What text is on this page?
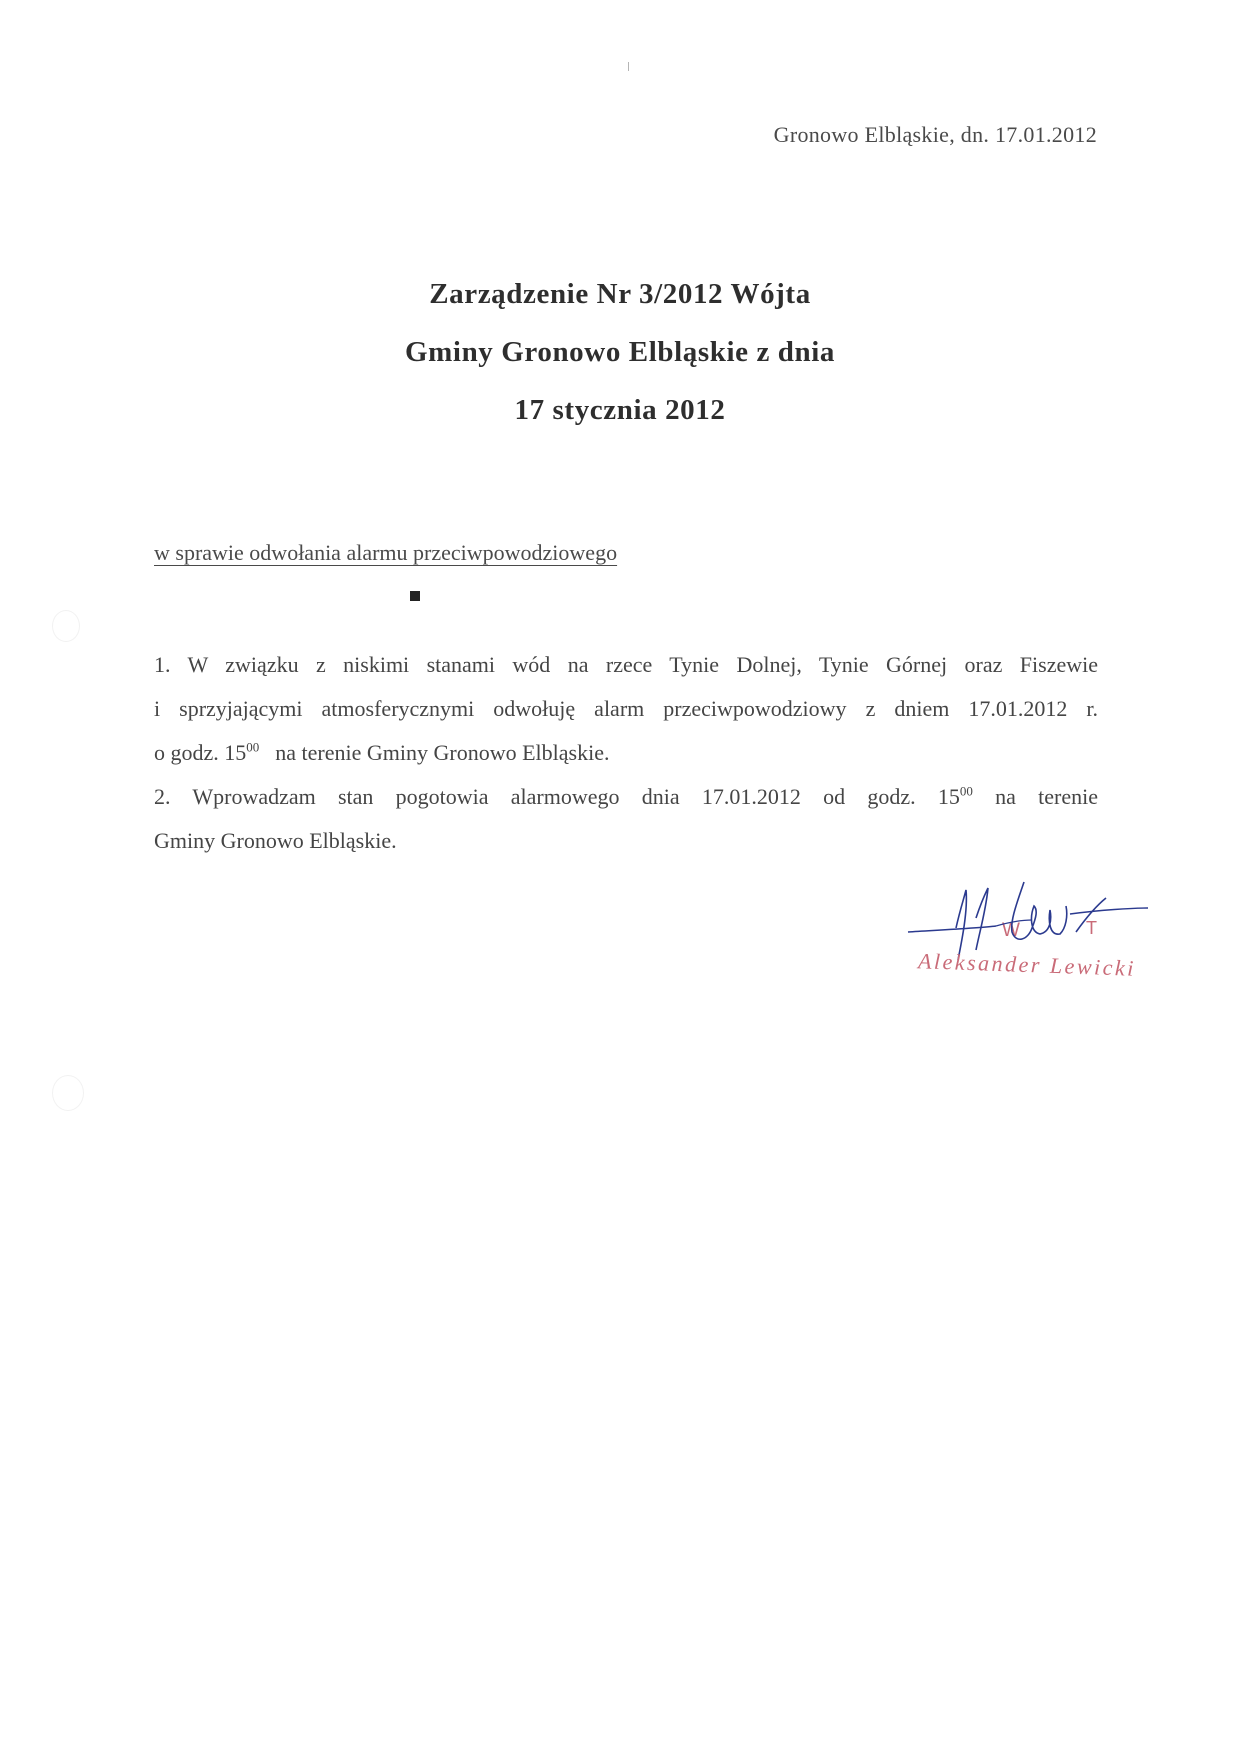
Gronowo Elbląskie, dn. 17.01.2012
Zarządzenie Nr 3/2012 Wójta
Gminy Gronowo Elbląskie z dnia
17 stycznia 2012
w sprawie odwołania alarmu przeciwpowodziowego

1. W związku z niskimi stanami wód na rzece Tynie Dolnej, Tynie Górnej oraz Fiszewie

i sprzyjającymi atmosferycznymi odwołuję alarm przeciwpowodziowy z dniem 17.01.2012 r.

o godz. $15^{00}$ na terenie Gminy Gronowo Elbląskie.

2. Wprowadzam stan pogotowia alarmowego dnia 17.01.2012 od godz. $15^{00}$ na terenie

Gminy Gronowo Elbląskie.

W	T
Aleksander Lewicki
